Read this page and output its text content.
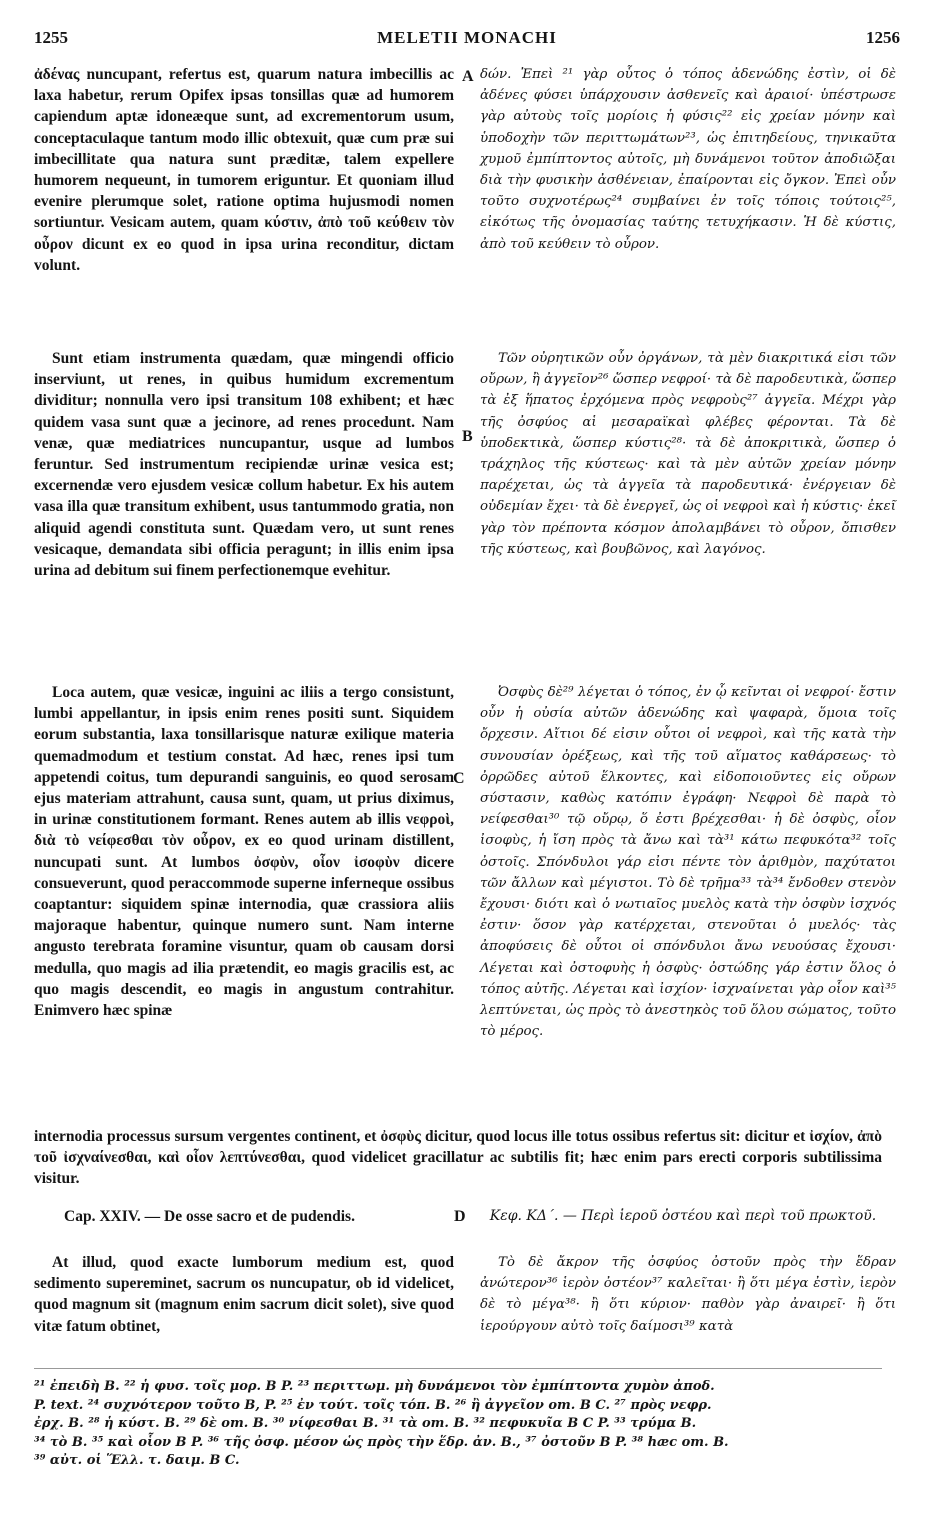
1255	MELETII MONACHI	1256

ἀδένας nuncupant, refertus est, quarum natura imbecillis ac laxa habetur, rerum Opifex ipsas tonsillas quæ ad humorem capiendum aptæ idoneæque sunt, ad excrementorum usum, conceptaculaque tantum modo illic obtexuit, quæ cum præ sui imbecillitate qua natura sunt præditæ, talem expellere humorem nequeunt, in tumorem eriguntur. Et quoniam illud evenire plerumque solet, ratione optima hujusmodi nomen sortiuntur. Vesicam autem, quam κύστιν, ἀπὸ τοῦ κεύθειν τὸν οὖρον dicunt ex eo quod in ipsa urina reconditur, dictam volunt.

δών. Ἐπεὶ ²¹ γὰρ οὗτος ὁ τόπος ἀδενώδης ἐστὶν, οἱ δὲ ἀδένες φύσει ὑπάρχουσιν ἀσθενεῖς καὶ ἀραιοί· ὑπέστρωσε γὰρ αὐτοὺς τοῖς μορίοις ἡ φύσις²² εἰς χρείαν μόνην καὶ ὑποδοχὴν τῶν περιττωμάτων²³, ὡς ἐπιτηδείους, τηνικαῦτα χυμοῦ ἐμπίπτοντος αὐτοῖς, μὴ δυνάμενοι τοῦτον ἀποδιῶξαι διὰ τὴν φυσικὴν ἀσθένειαν, ἐπαίρονται εἰς ὄγκον. Ἐπεὶ οὖν τοῦτο συχνοτέρως²⁴ συμβαίνει ἐν τοῖς τόποις τούτοις²⁵, εἰκότως τῆς ὀνομασίας ταύτης τετυχήκασιν. Ἡ δὲ κύστις, ἀπὸ τοῦ κεύθειν τὸ οὖρον.

A

Sunt etiam instrumenta quædam, quæ mingendi officio inserviunt, ut renes, in quibus humidum excrementum dividitur; nonnulla vero ipsi transitum 108 exhibent; et hæc quidem vasa sunt quæ a jecinore, ad renes procedunt. Nam venæ, quæ mediatrices nuncupantur, usque ad lumbos feruntur. Sed instrumentum recipiendæ urinæ vesica est; excernendæ vero ejusdem vesicæ collum habetur. Ex his autem vasa illa quæ transitum exhibent, usus tantummodo gratia, non aliquid agendi constituta sunt. Quædam vero, ut sunt renes vesicaque, demandata sibi officia peragunt; in illis enim ipsa urina ad debitum sui finem perfectionemque evehitur.

Τῶν οὐρητικῶν οὖν ὀργάνων, τὰ μὲν διακριτικά εἰσι τῶν οὔρων, ἢ ἀγγεῖον²⁶ ὥσπερ νεφροί· τὰ δὲ παροδευτικὰ, ὥσπερ τὰ ἐξ ἥπατος ἐρχόμενα πρὸς νεφροὺς²⁷ ἀγγεῖα. Μέχρι γὰρ τῆς ὀσφύος αἱ μεσαραϊκαὶ φλέβες φέρονται. Τὰ δὲ ὑποδεκτικὰ, ὥσπερ κύστις²⁸· τὰ δὲ ἀποκριτικὰ, ὥσπερ ὁ τράχηλος τῆς κύστεως· καὶ τὰ μὲν αὐτῶν χρείαν μόνην παρέχεται, ὡς τὰ ἀγγεῖα τὰ παροδευτικά· ἐνέργειαν δὲ οὐδεμίαν ἔχει· τὰ δὲ ἐνεργεῖ, ὡς οἱ νεφροὶ καὶ ἡ κύστις· ἐκεῖ γὰρ τὸν πρέποντα κόσμον ἀπολαμβάνει τὸ οὖρον, ὄπισθεν τῆς κύστεως, καὶ βουβῶνος, καὶ λαγόνος.

B

Loca autem, quæ vesicæ, inguini ac iliis a tergo consistunt, lumbi appellantur, in ipsis enim renes positi sunt. Siquidem eorum substantia, laxa tonsillarisque naturæ exilique materia quemadmodum et testium constat. Ad hæc, renes ipsi tum appetendi coitus, tum depurandi sanguinis, eo quod serosam ejus materiam attrahunt, causa sunt, quam, ut prius diximus, in urinæ constitutionem formant. Renes autem ab illis νεφροὶ, διὰ τὸ νείφεσθαι τὸν οὖρον, ex eo quod urinam distillent, nuncupati sunt. At lumbos ὀσφὺν, οἷον ἰσοφὺν dicere consueverunt, quod peraccommode superne inferneque ossibus coaptantur: siquidem spinæ internodia, quæ crassiora aliis majoraque habentur, quinque numero sunt. Nam interne angusto terebrata foramine visuntur, quam ob causam dorsi medulla, quo magis ad ilia prætendit, eo magis gracilis est, ac quo magis descendit, eo magis in angustum contrahitur. Enimvero hæc spinæ

Ὀσφὺς δὲ²⁹ λέγεται ὁ τόπος, ἐν ᾧ κεῖνται οἱ νεφροί· ἔστιν οὖν ἡ οὐσία αὐτῶν ἀδενώδης καὶ ψαφαρὰ, ὅμοια τοῖς ὄρχεσιν. Αἴτιοι δέ εἰσιν οὗτοι οἱ νεφροὶ, καὶ τῆς κατὰ τὴν συνουσίαν ὀρέξεως, καὶ τῆς τοῦ αἵματος καθάρσεως· τὸ ὀρρῶδες αὐτοῦ ἕλκοντες, καὶ εἰδοποιοῦντες εἰς οὔρων σύστασιν, καθὼς κατόπιν ἐγράφη· Νεφροὶ δὲ παρὰ τὸ νείφεσθαι³⁰ τῷ οὔρῳ, ὅ ἐστι βρέχεσθαι· ἡ δὲ ὀσφὺς, οἷον ἰσοφὺς, ἡ ἴση πρὸς τὰ ἄνω καὶ τὰ³¹ κάτω πεφυκότα³² τοῖς ὀστοῖς. Σπόνδυλοι γάρ εἰσι πέντε τὸν ἀριθμὸν, παχύτατοι τῶν ἄλλων καὶ μέγιστοι. Τὸ δὲ τρῆμα³³ τὰ³⁴ ἔνδοθεν στενὸν ἔχουσι· διότι καὶ ὁ νωτιαῖος μυελὸς κατὰ τὴν ὀσφὺν ἰσχνός ἐστιν· ὅσον γὰρ κατέρχεται, στενοῦται ὁ μυελός· τὰς ἀποφύσεις δὲ οὗτοι οἱ σπόνδυλοι ἄνω νευούσας ἔχουσι· Λέγεται καὶ ὀστοφυὴς ἡ ὀσφὺς· ὀστώδης γάρ ἐστιν ὅλος ὁ τόπος αὐτῆς. Λέγεται καὶ ἰσχίον· ἰσχναίνεται γὰρ οἷον καὶ³⁵ λεπτύνεται, ὡς πρὸς τὸ ἀνεστηκὸς τοῦ ὅλου σώματος, τοῦτο τὸ μέρος.

C

internodia processus sursum vergentes continent, et ὀσφὺς dicitur, quod locus ille totus ossibus refertus sit: dicitur et ἰσχίον, ἀπὸ τοῦ ἰσχναίνεσθαι, καὶ οἷον λεπτύνεσθαι, quod videlicet gracillatur ac subtilis fit; hæc enim pars erecti corporis subtilissima visitur.

Cap. XXIV. — De osse sacro et de pudendis.	D	Κεφ. ΚΔ΄. — Περὶ ἱεροῦ ὀστέου καὶ περὶ τοῦ πρωκτοῦ.

At illud, quod exacte lumborum medium est, quod sedimento supereminet, sacrum os nuncupatur, ob id videlicet, quod magnum sit (magnum enim sacrum dicit solet), sive quod vitæ fatum obtinet,

Τὸ δὲ ἄκρον τῆς ὀσφύος ὀστοῦν πρὸς τὴν ἕδραν ἀνώτερον³⁶ ἱερὸν ὀστέον³⁷ καλεῖται· ἢ ὅτι μέγα ἐστὶν, ἱερὸν δὲ τὸ μέγα³⁸· ἢ ὅτι κύριον· παθὸν γὰρ ἀναιρεῖ· ἢ ὅτι ἱερούργουν αὐτὸ τοῖς δαίμοσι³⁹ κατὰ

²¹ ἐπειδὴ B. ²² ἡ φυσ. τοῖς μορ. B P. ²³ περιττωμ. μὴ δυνάμενοι τὸν ἐμπίπτοντα χυμὸν ἀποδ.
P. text. ²⁴ συχνότερον τοῦτο B, P. ²⁵ ἐν τούτ. τοῖς τόπ. B. ²⁶ ἢ ἀγγεῖον om. B C. ²⁷ πρὸς νεφρ.
ἐρχ. B. ²⁸ ἡ κύστ. B. ²⁹ δὲ om. B. ³⁰ νίφεσθαι B. ³¹ τὰ om. B. ³² πεφυκυῖα B C P. ³³ τρύμα B.
³⁴ τὸ B. ³⁵ καὶ οἷον B P. ³⁶ τῆς ὀσφ. μέσον ὡς πρὸς τὴν ἕδρ. ἀν. B., ³⁷ ὀστοῦν B P. ³⁸ hæc om. B.
³⁹ αὐτ. οἱ Ἕλλ. τ. δαιμ. B C.
